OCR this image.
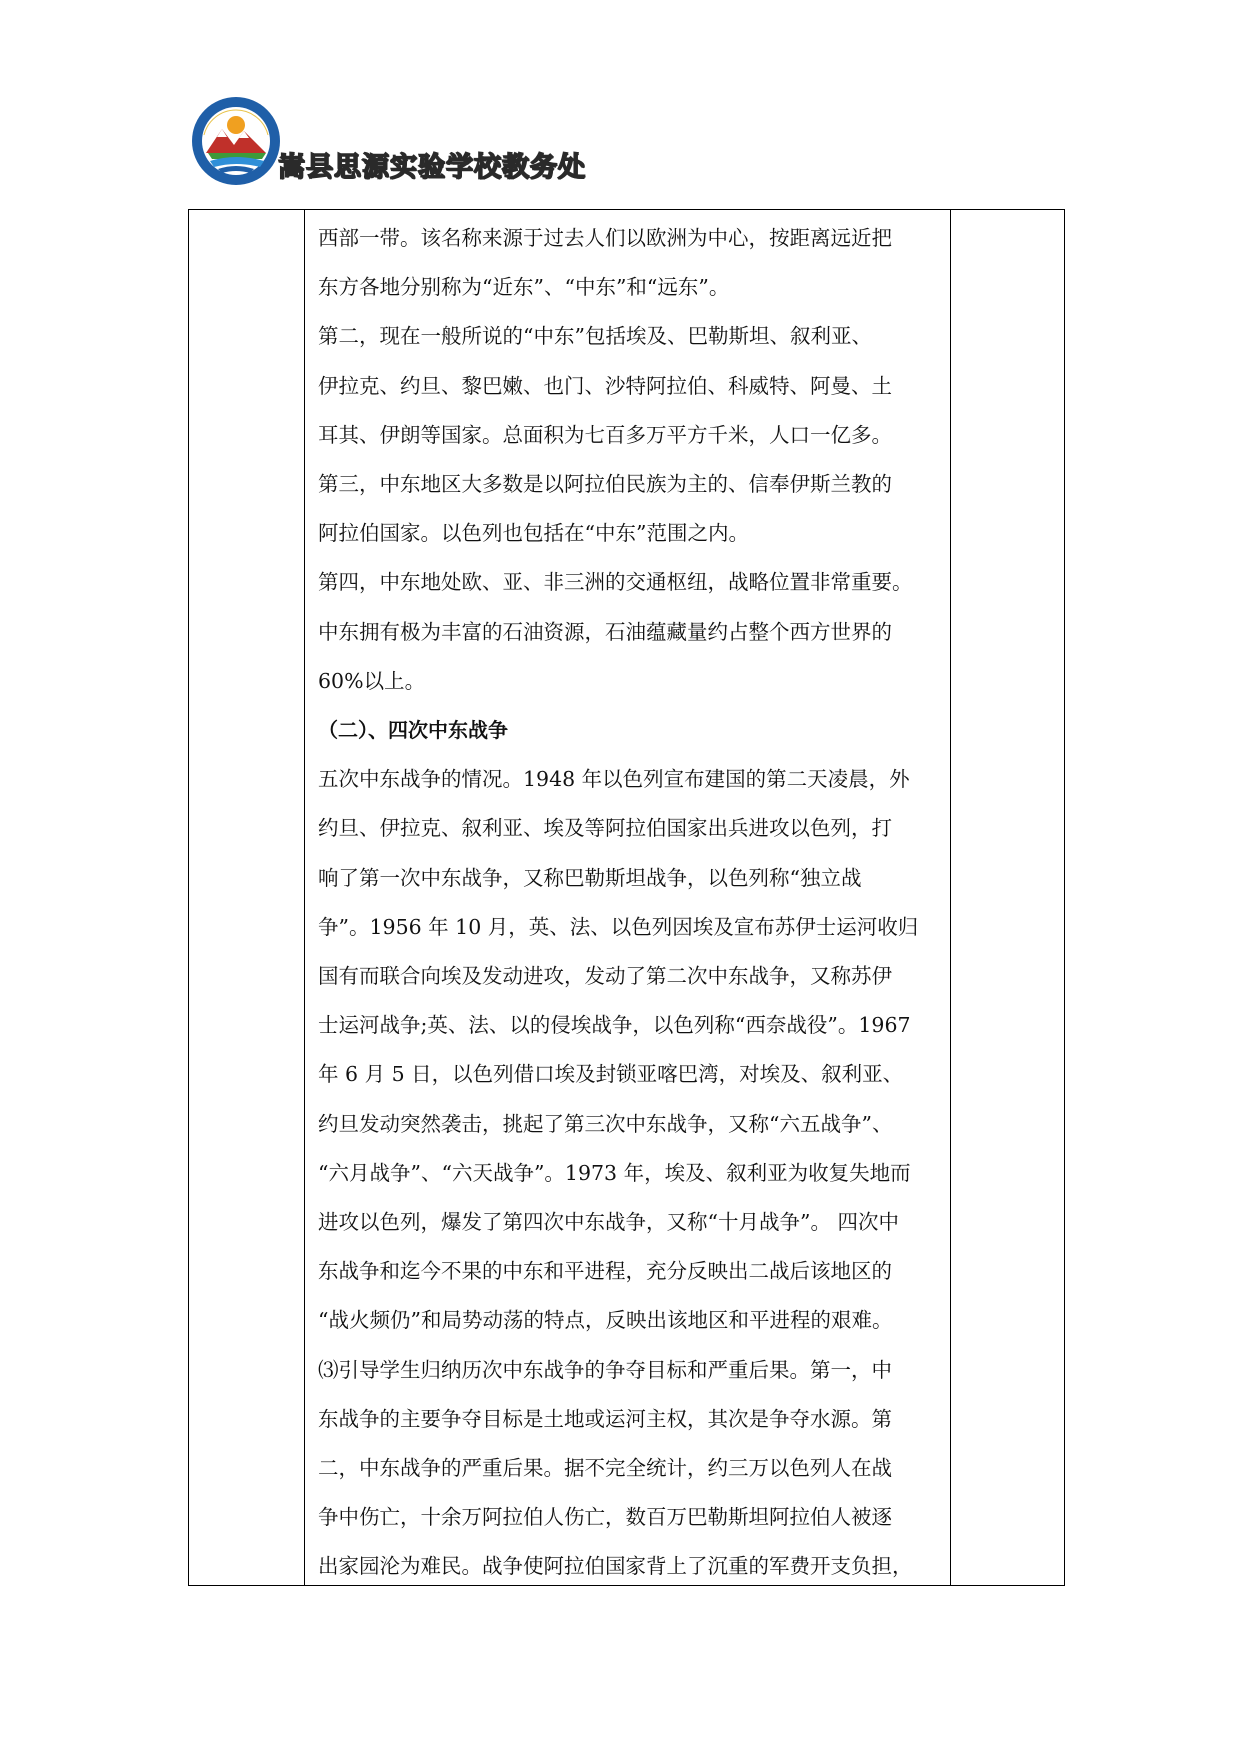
嵩县思源实验学校教务处

西部一带。该名称来源于过去人们以欧洲为中心，按距离远近把

东方各地分别称为“近东”、“中东”和“远东”。

第二，现在一般所说的“中东”包括埃及、巴勒斯坦、叙利亚、

伊拉克、约旦、黎巴嫩、也门、沙特阿拉伯、科威特、阿曼、土

耳其、伊朗等国家。总面积为七百多万平方千米，人口一亿多。

第三，中东地区大多数是以阿拉伯民族为主的、信奉伊斯兰教的

阿拉伯国家。以色列也包括在“中东”范围之内。

第四，中东地处欧、亚、非三洲的交通枢纽，战略位置非常重要。

中东拥有极为丰富的石油资源，石油蕴藏量约占整个西方世界的

60%以上。

（二）、四次中东战争

五次中东战争的情况。1948 年以色列宣布建国的第二天凌晨，外

约旦、伊拉克、叙利亚、埃及等阿拉伯国家出兵进攻以色列，打

响了第一次中东战争，又称巴勒斯坦战争，以色列称“独立战

争”。1956 年 10 月，英、法、以色列因埃及宣布苏伊士运河收归

国有而联合向埃及发动进攻，发动了第二次中东战争，又称苏伊

士运河战争;英、法、以的侵埃战争，以色列称“西奈战役”。1967

年 6 月 5 日，以色列借口埃及封锁亚喀巴湾，对埃及、叙利亚、

约旦发动突然袭击，挑起了第三次中东战争，又称“六五战争”、

“六月战争”、“六天战争”。1973 年，埃及、叙利亚为收复失地而

进攻以色列，爆发了第四次中东战争，又称“十月战争”。 四次中

东战争和迄今不果的中东和平进程，充分反映出二战后该地区的

“战火频仍”和局势动荡的特点，反映出该地区和平进程的艰难。

⑶引导学生归纳历次中东战争的争夺目标和严重后果。第一，中

东战争的主要争夺目标是土地或运河主权，其次是争夺水源。第

二，中东战争的严重后果。据不完全统计，约三万以色列人在战

争中伤亡，十余万阿拉伯人伤亡，数百万巴勒斯坦阿拉伯人被逐

出家园沦为难民。战争使阿拉伯国家背上了沉重的军费开支负担，
